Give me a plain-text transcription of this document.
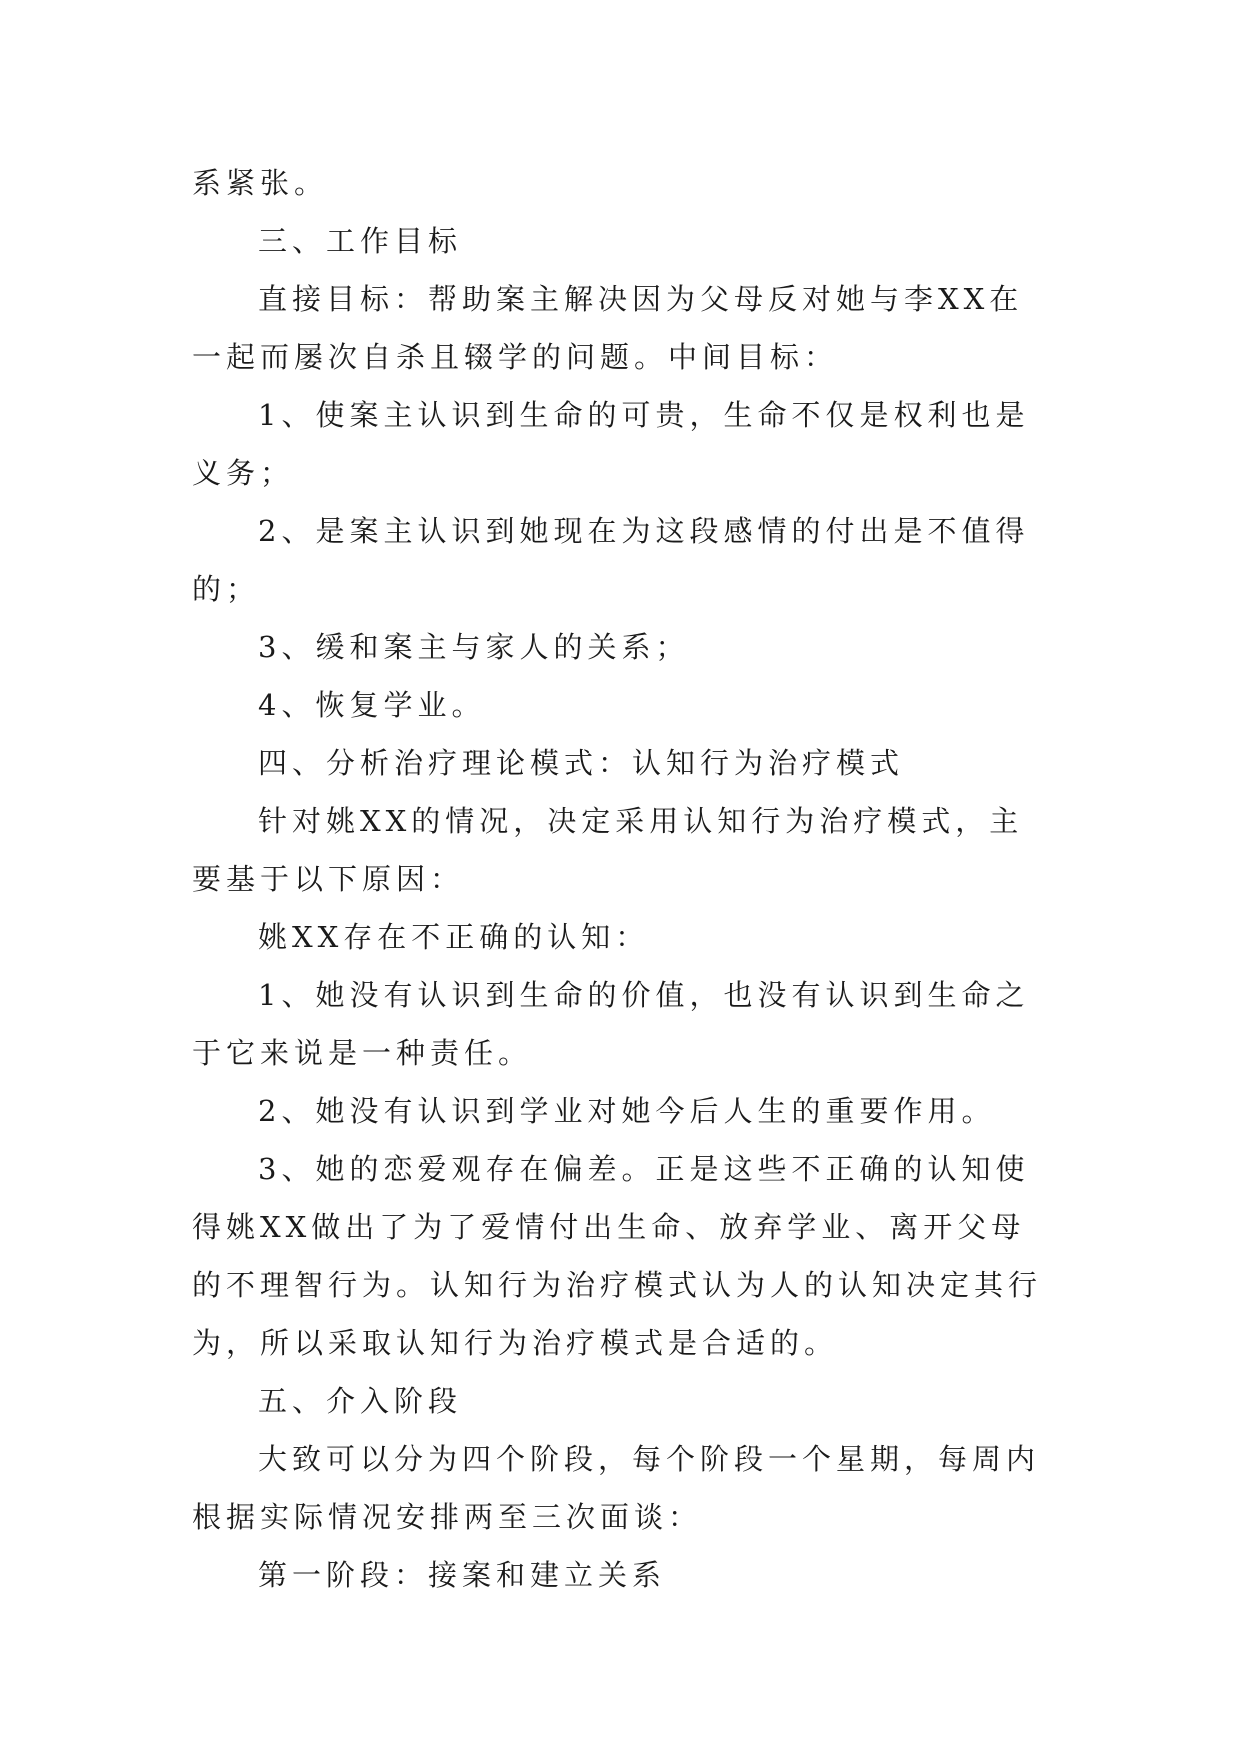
系紧张。

三、工作目标

直接目标：帮助案主解决因为父母反对她与李XX在一起而屡次自杀且辍学的问题。中间目标：

1、使案主认识到生命的可贵，生命不仅是权利也是义务；

2、是案主认识到她现在为这段感情的付出是不值得的；

3、缓和案主与家人的关系；

4、恢复学业。

四、分析治疗理论模式：认知行为治疗模式

针对姚XX的情况，决定采用认知行为治疗模式，主要基于以下原因：

姚XX存在不正确的认知：

1、她没有认识到生命的价值，也没有认识到生命之于它来说是一种责任。

2、她没有认识到学业对她今后人生的重要作用。

3、她的恋爱观存在偏差。正是这些不正确的认知使得姚XX做出了为了爱情付出生命、放弃学业、离开父母的不理智行为。认知行为治疗模式认为人的认知决定其行为，所以采取认知行为治疗模式是合适的。

五、介入阶段

大致可以分为四个阶段，每个阶段一个星期，每周内根据实际情况安排两至三次面谈：

第一阶段：接案和建立关系
